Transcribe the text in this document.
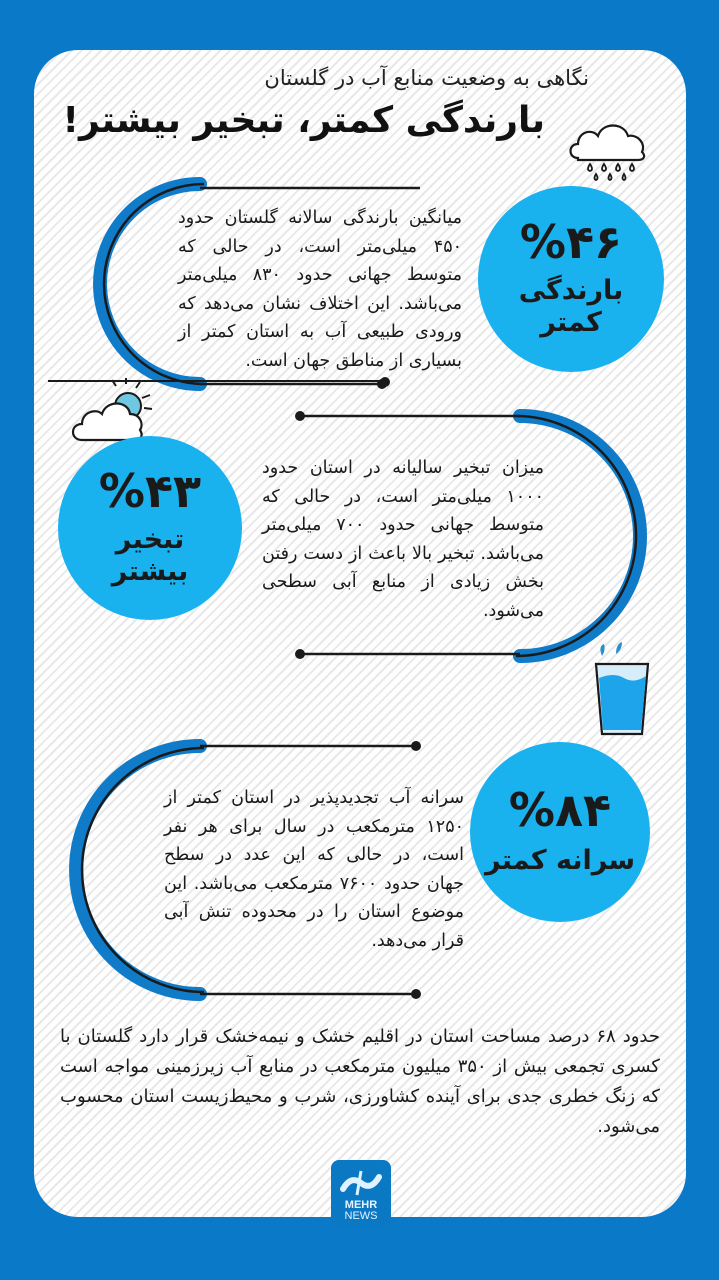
نگاهی به وضعیت منابع آب در گلستان
بارندگی کمتر، تبخیر بیشتر!
%۴۶
بارندگی
کمتر
میانگین بارندگی سالانه گلستان حدود ۴۵۰ میلی‌متر است، در حالی که متوسط جهانی حدود ۸۳۰ میلی‌متر می‌باشد. این اختلاف نشان می‌دهد که ورودی طبیعی آب به استان کمتر از بسیاری از مناطق جهان است.
%۴۳
تبخیر
بیشتر
میزان تبخیر سالیانه در استان حدود ۱۰۰۰ میلی‌متر است، در حالی که متوسط جهانی حدود ۷۰۰ میلی‌متر می‌باشد. تبخیر بالا باعث از دست رفتن بخش زیادی از منابع آبی سطحی می‌شود.
%۸۴
سرانه کمتر
سرانه آب تجدیدپذیر در استان کمتر از ۱۲۵۰ مترمکعب در سال برای هر نفر است، در حالی که این عدد در سطح جهان حدود ۷۶۰۰ مترمکعب می‌باشد. این موضوع استان را در محدوده تنش آبی قرار می‌دهد.
حدود ۶۸ درصد مساحت استان در اقلیم خشک و نیمه‌خشک قرار دارد گلستان با کسری تجمعی بیش از ۳۵۰ میلیون مترمکعب در منابع آب زیرزمینی مواجه است که زنگ خطری جدی برای آینده کشاورزی، شرب و محیط‌زیست استان محسوب می‌شود.
MEHR
NEWS
